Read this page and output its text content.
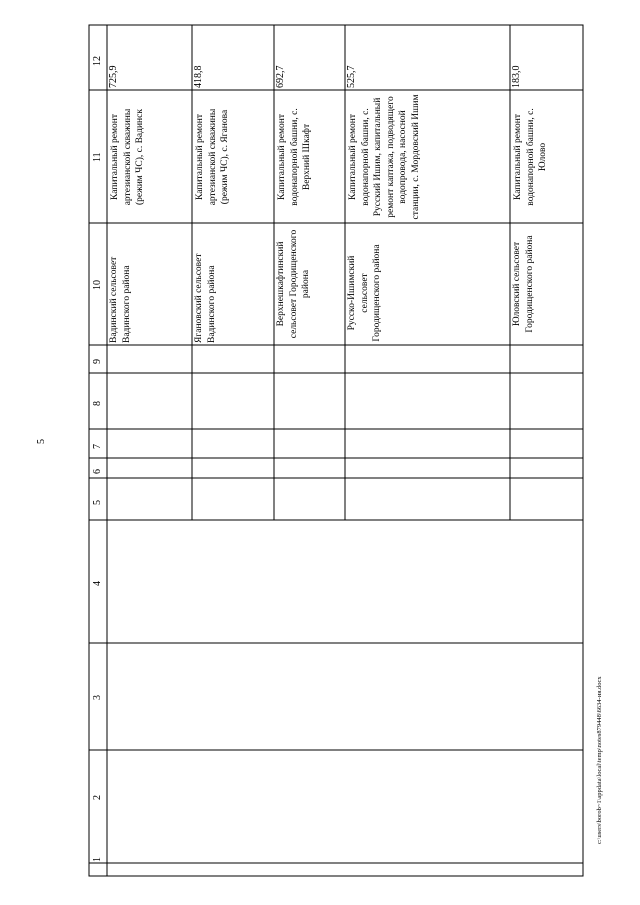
5
1
2
3
4
5
6
7
8
9
10
11
12
Вадинский сельсовет Вадинского района
Капитальный ремонт артезианской скважины (режим ЧС), с. Вадинск
725,9
Ягановский сельсовет Вадинского района
Капитальный ремонт артезианской скважины (режим ЧС), с. Яганова
418,8
Верхнешкафтинский сельсовет Городищенского района
Капитальный ремонт водонапорной башни, с. Верхний Шкафт
692,7
Русско-Ишимский сельсовет Городищенского района
Капитальный ремонт водонапорной башни, с. Русский Ишим, капитальный ремонт каптажа, подводящего водопровода, насосной станции, с. Мордовский Ишим
525,7
Юловский сельсовет Городищенского района
Капитальный ремонт водонапорной башни, с. Юлово
183,0
c:\users\borob~1\appdata\local\temp\notes879448\6634-ия.docx
